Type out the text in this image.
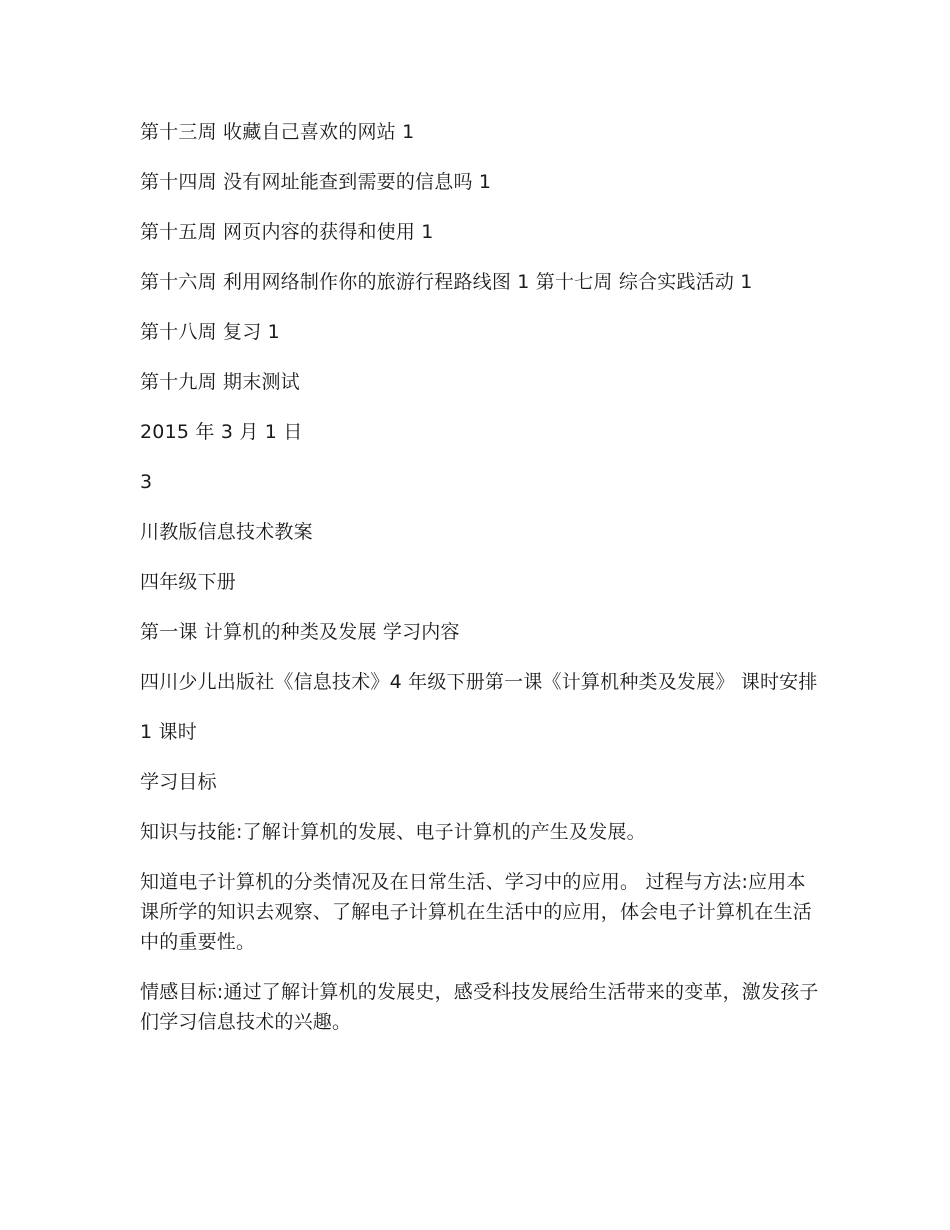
第十三周 收藏自己喜欢的网站 1

第十四周 没有网址能查到需要的信息吗 1

第十五周 网页内容的获得和使用 1

第十六周 利用网络制作你的旅游行程路线图 1 第十七周 综合实践活动 1

第十八周 复习 1

第十九周 期末测试

2015 年 3 月 1 日

3

川教版信息技术教案

四年级下册

第一课 计算机的种类及发展 学习内容

四川少儿出版社《信息技术》4 年级下册第一课《计算机种类及发展》 课时安排

1 课时

学习目标

知识与技能:了解计算机的发展、电子计算机的产生及发展。

知道电子计算机的分类情况及在日常生活、学习中的应用。 过程与方法:应用本课所学的知识去观察、了解电子计算机在生活中的应用，体会电子计算机在生活中的重要性。

情感目标:通过了解计算机的发展史，感受科技发展给生活带来的变革，激发孩子们学习信息技术的兴趣。
